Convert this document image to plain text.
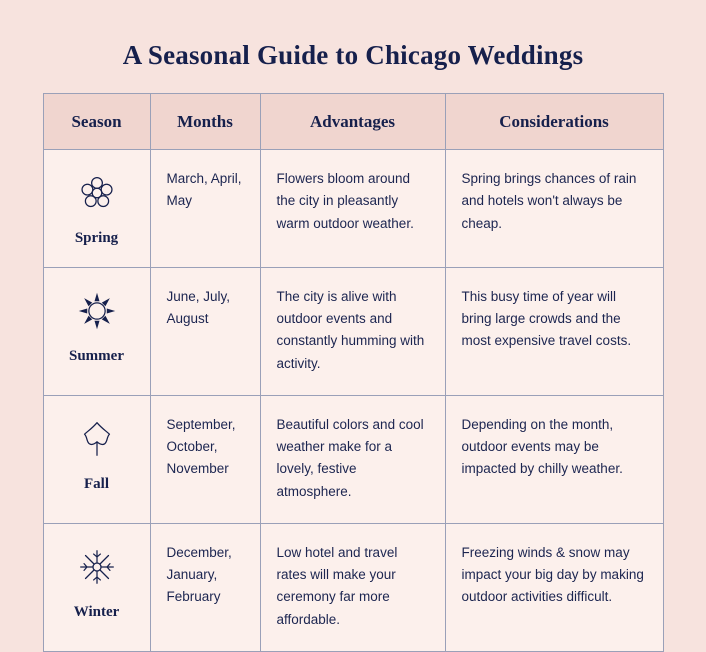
A Seasonal Guide to Chicago Weddings
Season	Months	Advantages	Considerations

Spring	March, April, May	Flowers bloom around the city in pleasantly warm outdoor weather.	Spring brings chances of rain and hotels won't always be cheap.

Summer	June, July, August	The city is alive with outdoor events and constantly humming with activity.	This busy time of year will bring large crowds and the most expensive travel costs.

Fall	September, October, November	Beautiful colors and cool weather make for a lovely, festive atmosphere.	Depending on the month, outdoor events may be impacted by chilly weather.

Winter	December, January, February	Low hotel and travel rates will make your ceremony far more affordable.	Freezing winds & snow may impact your big day by making outdoor activities difficult.
